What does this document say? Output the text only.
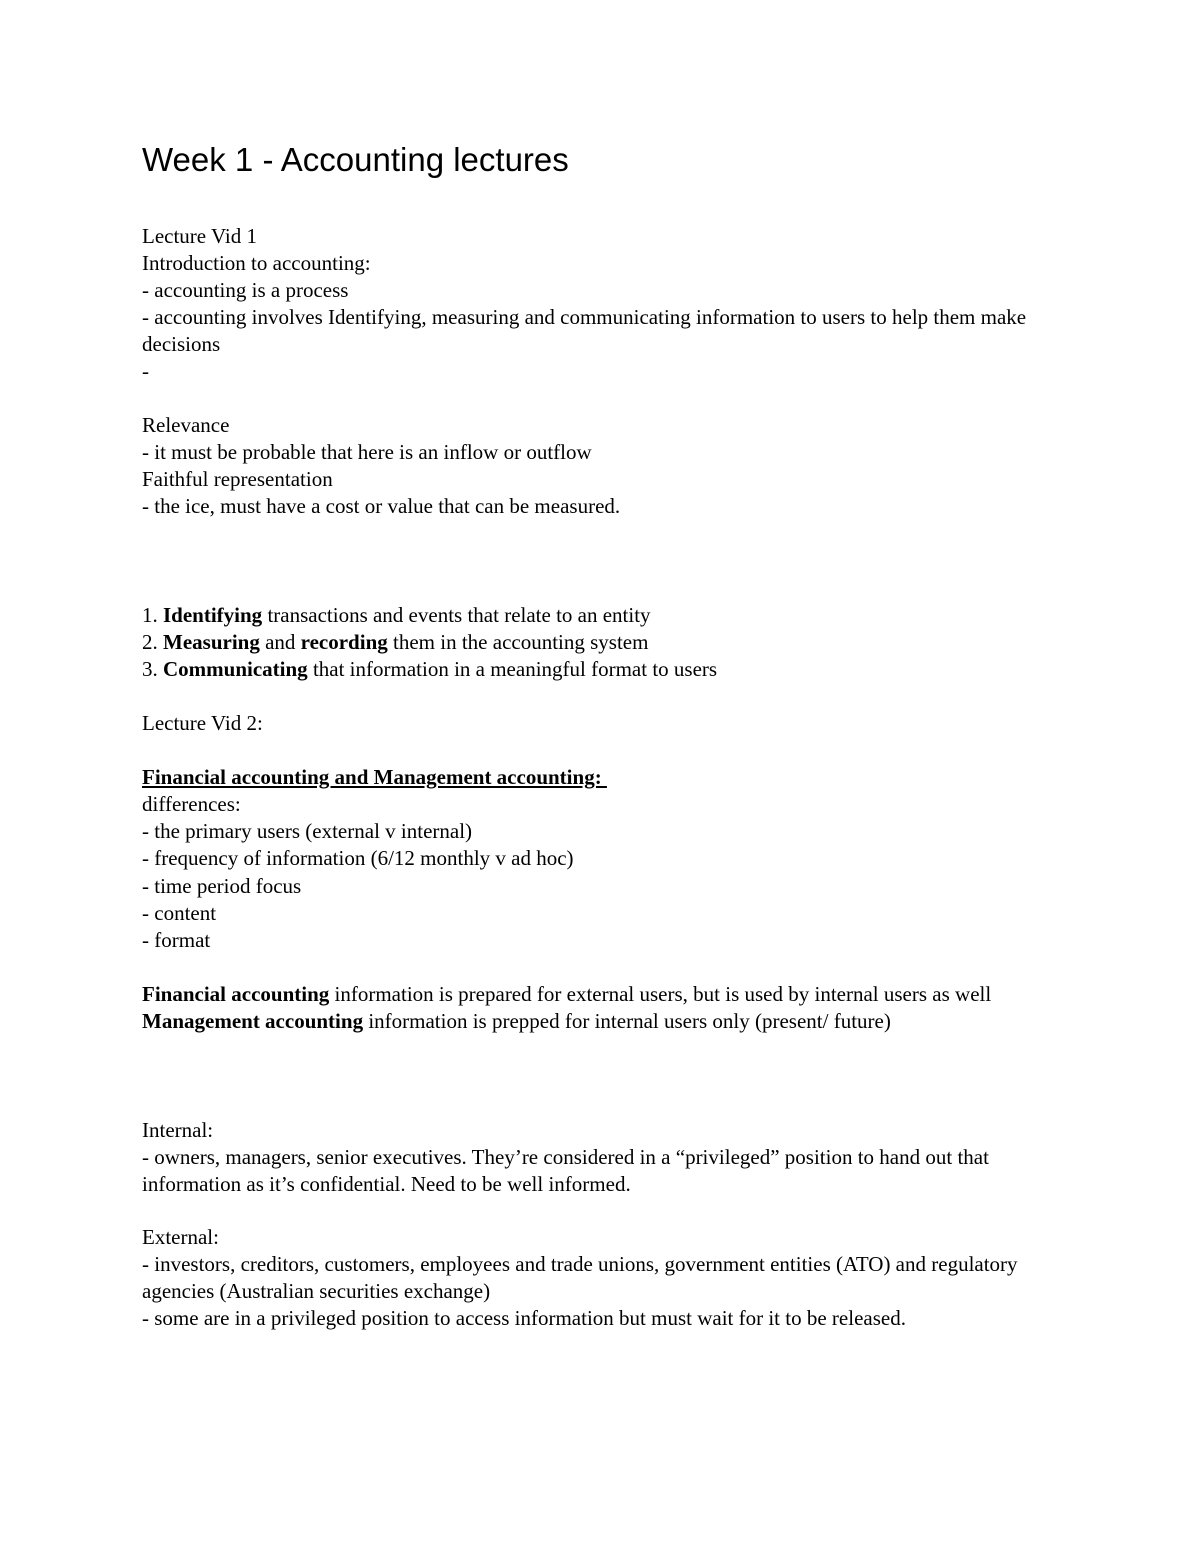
Week 1 - Accounting lectures
Lecture Vid 1
Introduction to accounting:
- accounting is a process
- accounting involves Identifying, measuring and communicating information to users to help them make decisions
-
Relevance
- it must be probable that here is an inflow or outflow
Faithful representation
- the ice, must have a cost or value that can be measured.
1. Identifying transactions and events that relate to an entity
2. Measuring and recording them in the accounting system
3. Communicating that information in a meaningful format to users
Lecture Vid 2:
Financial accounting and Management accounting:
differences:
- the primary users (external v internal)
- frequency of information (6/12 monthly v ad hoc)
- time period focus
- content
- format
Financial accounting information is prepared for external users, but is used by internal users as well
Management accounting information is prepped for internal users only (present/ future)
Internal:
- owners, managers, senior executives. They’re considered in a “privileged” position to hand out that information as it’s confidential. Need to be well informed.
External:
- investors, creditors, customers, employees and trade unions, government entities (ATO) and regulatory agencies (Australian securities exchange)
- some are in a privileged position to access information but must wait for it to be released.
